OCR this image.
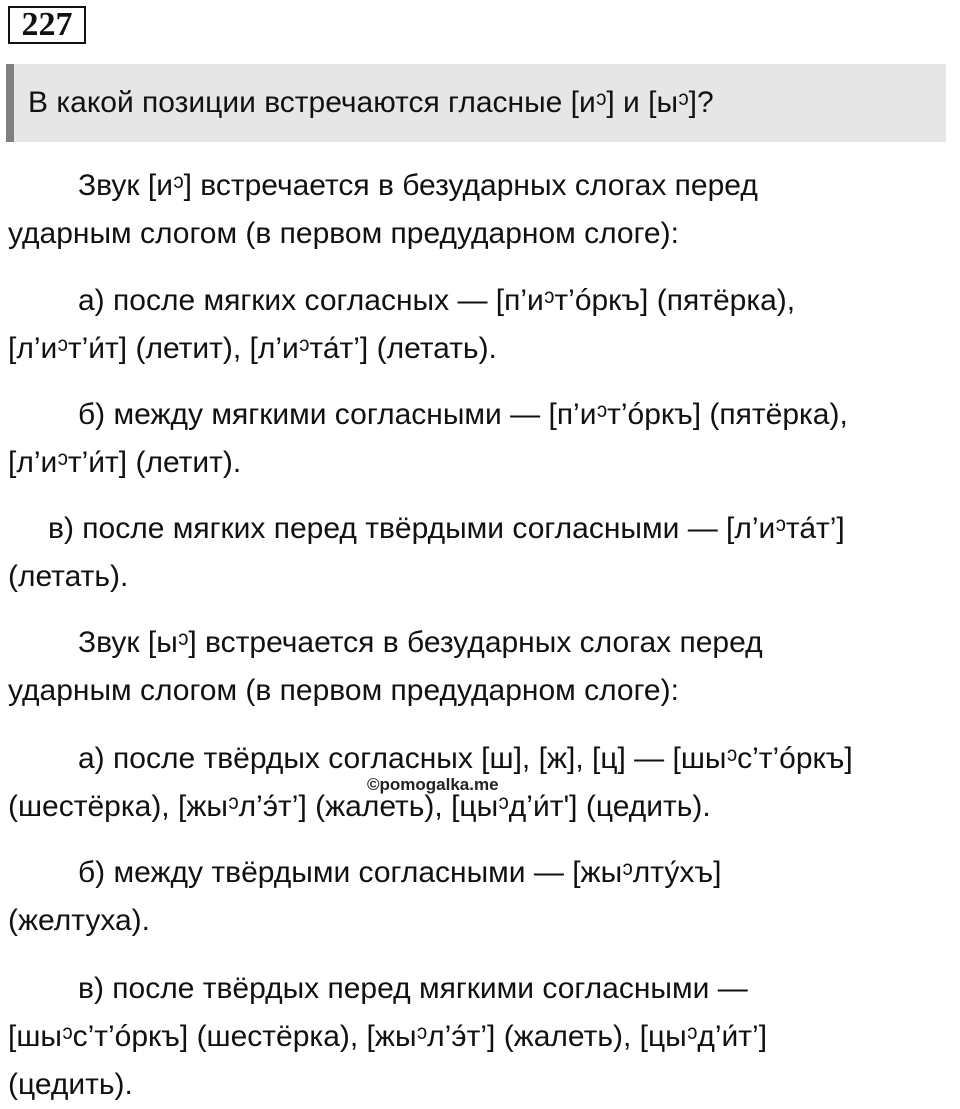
227
В какой позиции встречаются гласные [иᵓ] и [ыᵓ]?
Звук [иᵓ] встречается в безударных слогах перед
ударным слогом (в первом предударном слоге):
а) после мягких согласных — [п’иᵓт’óркъ] (пятёрка),
[л’иᵓт’и́т] (летит), [л’иᵓта́т’] (летать).
б) между мягкими согласными — [п’иᵓт’óркъ] (пятёрка),
[л’иᵓт’и́т] (летит).
в) после мягких перед твёрдыми согласными — [л’иᵓта́т’]
(летать).
Звук [ыᵓ] встречается в безударных слогах перед
ударным слогом (в первом предударном слоге):
а) после твёрдых согласных [ш], [ж], [ц] — [шыᵓс’т’óркъ]
(шестёрка), [жыᵓл’э́т’] (жалеть), [цыᵓд’и́т'] (цедить).
©pomogalka.me
б) между твёрдыми согласными — [жыᵓлту́хъ]
(желтуха).
в) после твёрдых перед мягкими согласными —
[шыᵓс’т’óркъ] (шестёрка), [жыᵓл’э́т’] (жалеть), [цыᵓд’и́т’]
(цедить).
